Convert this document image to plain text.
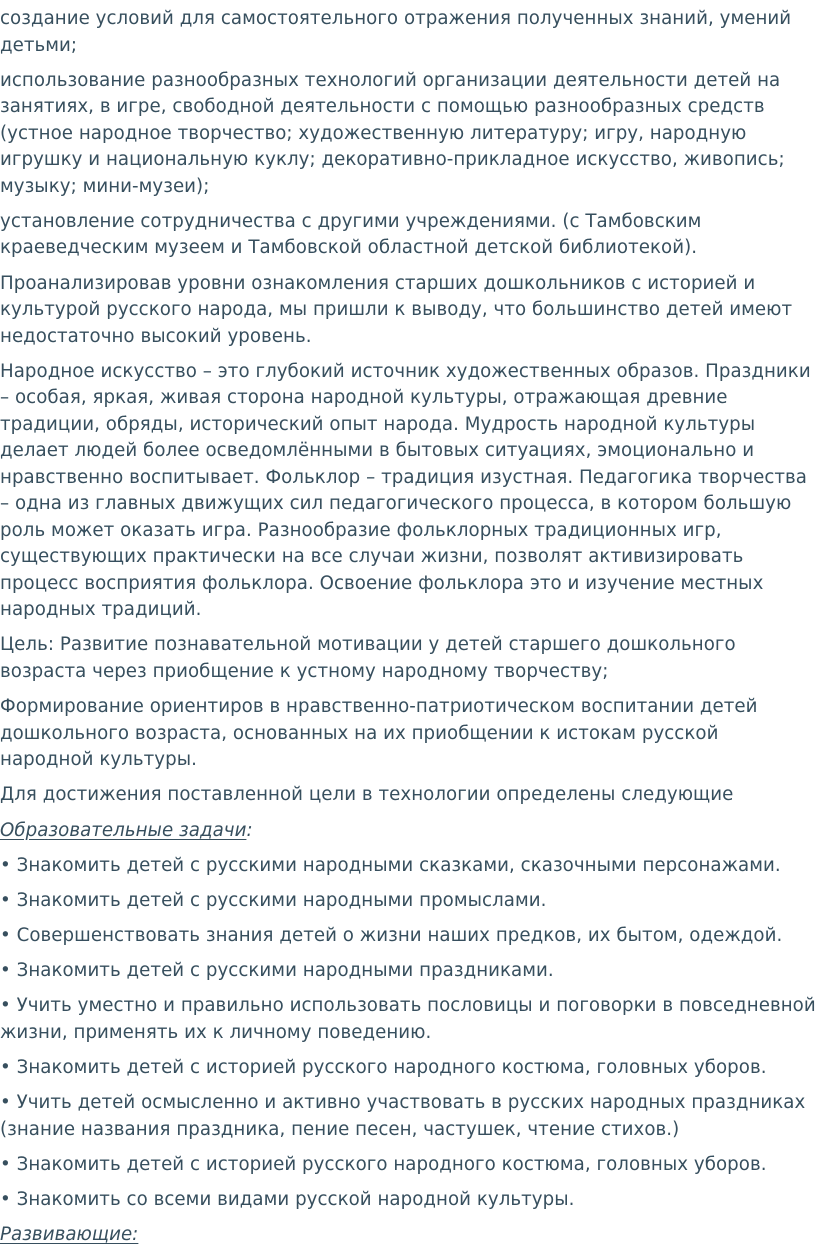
создание условий для самостоятельного отражения полученных знаний, умений детьми;

использование разнообразных технологий организации деятельности детей на занятиях, в игре, свободной деятельности с помощью разнообразных средств (устное народное творчество; художественную литературу; игру, народную игрушку и национальную куклу; декоративно-прикладное искусство, живопись; музыку; мини-музеи);

установление сотрудничества с другими учреждениями. (с Тамбовским краеведческим музеем и Тамбовской областной детской библиотекой).

Проанализировав уровни ознакомления старших дошкольников с историей и культурой русского народа, мы пришли к выводу, что большинство детей имеют недостаточно высокий уровень.

Народное искусство – это глубокий источник художественных образов. Праздники – особая, яркая, живая сторона народной культуры, отражающая древние традиции, обряды, исторический опыт народа. Мудрость народной культуры делает людей более осведомлёнными в бытовых ситуациях, эмоционально и нравственно воспитывает. Фольклор – традиция изустная. Педагогика творчества – одна из главных движущих сил педагогического процесса, в котором большую роль может оказать игра. Разнообразие фольклорных традиционных игр, существующих практически на все случаи жизни, позволят активизировать процесс восприятия фольклора. Освоение фольклора это и изучение местных народных традиций.

Цель: Развитие познавательной мотивации у детей старшего дошкольного возраста через приобщение к устному народному творчеству;

Формирование ориентиров в нравственно-патриотическом воспитании детей дошкольного возраста, основанных на их приобщении к истокам русской народной культуры.

Для достижения поставленной цели в технологии определены следующие

Образовательные задачи:

• Знакомить детей с русскими народными сказками, сказочными персонажами.

• Знакомить детей с русскими народными промыслами.

• Совершенствовать знания детей о жизни наших предков, их бытом, одеждой.

• Знакомить детей с русскими народными праздниками.

• Учить уместно и правильно использовать пословицы и поговорки в повседневной жизни, применять их к личному поведению.

• Знакомить детей с историей русского народного костюма, головных уборов.

• Учить детей осмысленно и активно участвовать в русских народных праздниках (знание названия праздника, пение песен, частушек, чтение стихов.)

• Знакомить детей с историей русского народного костюма, головных уборов.

• Знакомить со всеми видами русской народной культуры.

Развивающие:
